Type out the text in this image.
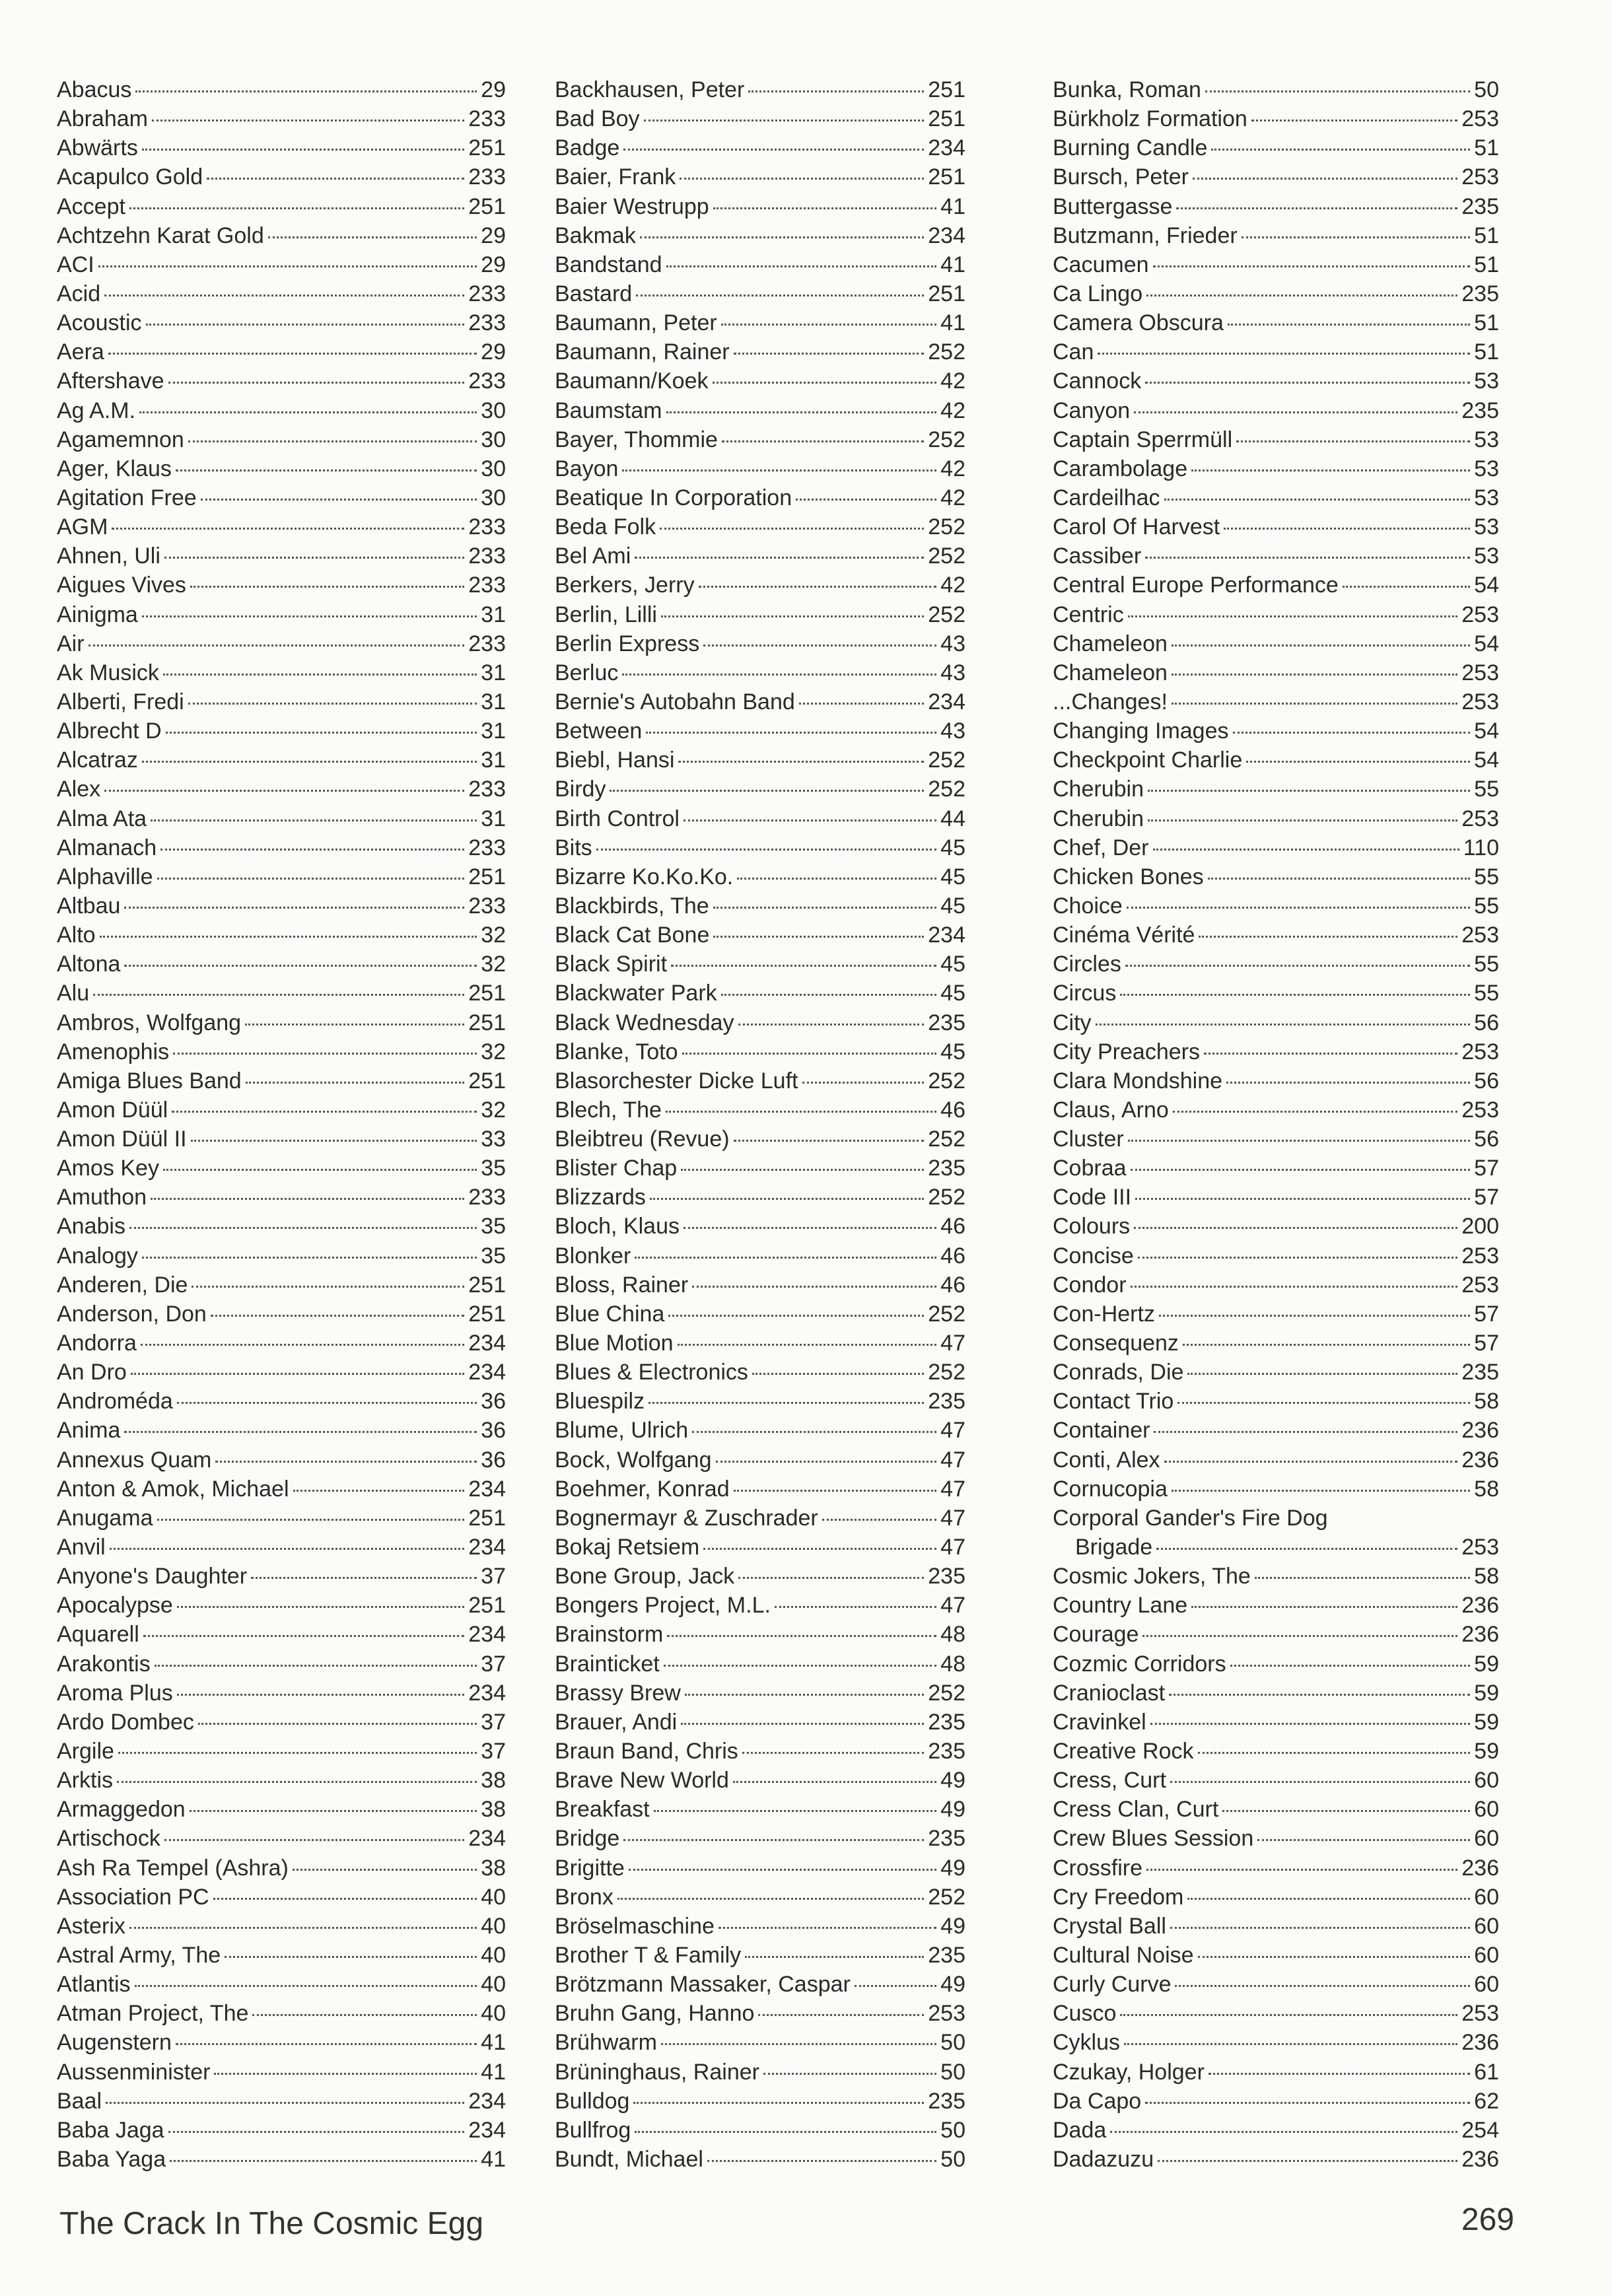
Abacus	29
Abraham	233
Abwärts	251
Acapulco Gold	233
Accept	251
Achtzehn Karat Gold	29
ACI	29
Acid	233
Acoustic	233
Aera	29
Aftershave	233
Ag A.M.	30
Agamemnon	30
Ager, Klaus	30
Agitation Free	30
AGM	233
Ahnen, Uli	233
Aigues Vives	233
Ainigma	31
Air	233
Ak Musick	31
Alberti, Fredi	31
Albrecht D	31
Alcatraz	31
Alex	233
Alma Ata	31
Almanach	233
Alphaville	251
Altbau	233
Alto	32
Altona	32
Alu	251
Ambros, Wolfgang	251
Amenophis	32
Amiga Blues Band	251
Amon Düül	32
Amon Düül II	33
Amos Key	35
Amuthon	233
Anabis	35
Analogy	35
Anderen, Die	251
Anderson, Don	251
Andorra	234
An Dro	234
Androméda	36
Anima	36
Annexus Quam	36
Anton & Amok, Michael	234
Anugama	251
Anvil	234
Anyone's Daughter	37
Apocalypse	251
Aquarell	234
Arakontis	37
Aroma Plus	234
Ardo Dombec	37
Argile	37
Arktis	38
Armaggedon	38
Artischock	234
Ash Ra Tempel (Ashra)	38
Association PC	40
Asterix	40
Astral Army, The	40
Atlantis	40
Atman Project, The	40
Augenstern	41
Aussenminister	41
Baal	234
Baba Jaga	234
Baba Yaga	41
Backhausen, Peter	251
Bad Boy	251
Badge	234
Baier, Frank	251
Baier Westrupp	41
Bakmak	234
Bandstand	41
Bastard	251
Baumann, Peter	41
Baumann, Rainer	252
Baumann/Koek	42
Baumstam	42
Bayer, Thommie	252
Bayon	42
Beatique In Corporation	42
Beda Folk	252
Bel Ami	252
Berkers, Jerry	42
Berlin, Lilli	252
Berlin Express	43
Berluc	43
Bernie's Autobahn Band	234
Between	43
Biebl, Hansi	252
Birdy	252
Birth Control	44
Bits	45
Bizarre Ko.Ko.Ko.	45
Blackbirds, The	45
Black Cat Bone	234
Black Spirit	45
Blackwater Park	45
Black Wednesday	235
Blanke, Toto	45
Blasorchester Dicke Luft	252
Blech, The	46
Bleibtreu (Revue)	252
Blister Chap	235
Blizzards	252
Bloch, Klaus	46
Blonker	46
Bloss, Rainer	46
Blue China	252
Blue Motion	47
Blues & Electronics	252
Bluespilz	235
Blume, Ulrich	47
Bock, Wolfgang	47
Boehmer, Konrad	47
Bognermayr & Zuschrader	47
Bokaj Retsiem	47
Bone Group, Jack	235
Bongers Project, M.L.	47
Brainstorm	48
Brainticket	48
Brassy Brew	252
Brauer, Andi	235
Braun Band, Chris	235
Brave New World	49
Breakfast	49
Bridge	235
Brigitte	49
Bronx	252
Bröselmaschine	49
Brother T & Family	235
Brötzmann Massaker, Caspar	49
Bruhn Gang, Hanno	253
Brühwarm	50
Brüninghaus, Rainer	50
Bulldog	235
Bullfrog	50
Bundt, Michael	50
Bunka, Roman	50
Bürkholz Formation	253
Burning Candle	51
Bursch, Peter	253
Buttergasse	235
Butzmann, Frieder	51
Cacumen	51
Ca Lingo	235
Camera Obscura	51
Can	51
Cannock	53
Canyon	235
Captain Sperrmüll	53
Carambolage	53
Cardeilhac	53
Carol Of Harvest	53
Cassiber	53
Central Europe Performance	54
Centric	253
Chameleon	54
Chameleon	253
...Changes!	253
Changing Images	54
Checkpoint Charlie	54
Cherubin	55
Cherubin	253
Chef, Der	110
Chicken Bones	55
Choice	55
Cinéma Vérité	253
Circles	55
Circus	55
City	56
City Preachers	253
Clara Mondshine	56
Claus, Arno	253
Cluster	56
Cobraa	57
Code III	57
Colours	200
Concise	253
Condor	253
Con-Hertz	57
Consequenz	57
Conrads, Die	235
Contact Trio	58
Container	236
Conti, Alex	236
Cornucopia	58
Corporal Gander's Fire Dog
Brigade	253
Cosmic Jokers, The	58
Country Lane	236
Courage	236
Cozmic Corridors	59
Cranioclast	59
Cravinkel	59
Creative Rock	59
Cress, Curt	60
Cress Clan, Curt	60
Crew Blues Session	60
Crossfire	236
Cry Freedom	60
Crystal Ball	60
Cultural Noise	60
Curly Curve	60
Cusco	253
Cyklus	236
Czukay, Holger	61
Da Capo	62
Dada	254
Dadazuzu	236
The Crack In The Cosmic Egg	269
